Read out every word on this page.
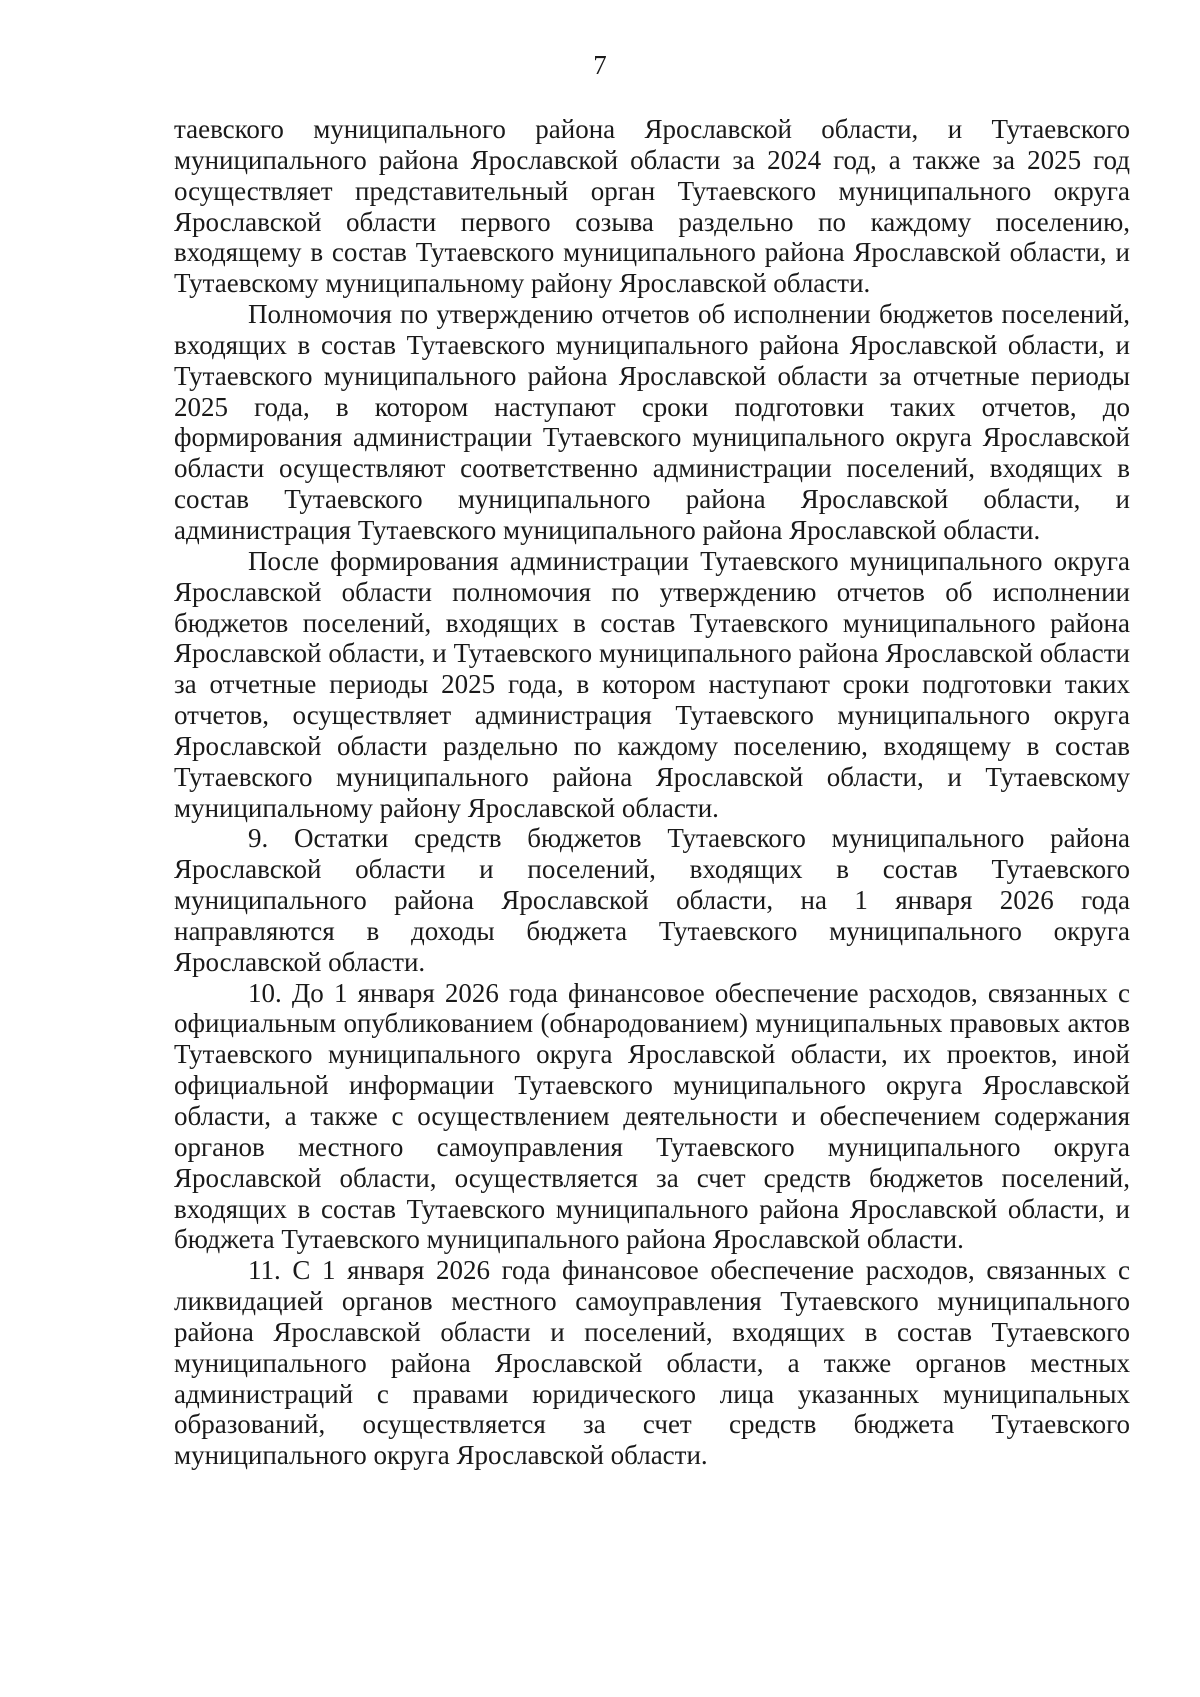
7

таевского муниципального района Ярославской области, и Тутаевского муниципального района Ярославской области за 2024 год, а также за 2025 год осуществляет представительный орган Тутаевского муниципального округа Ярославской области первого созыва раздельно по каждому поселению, входящему в состав Тутаевского муниципального района Ярославской области, и Тутаевскому муниципальному району Ярославской области.

Полномочия по утверждению отчетов об исполнении бюджетов поселений, входящих в состав Тутаевского муниципального района Ярославской области, и Тутаевского муниципального района Ярославской области за отчетные периоды 2025 года, в котором наступают сроки подготовки таких отчетов, до формирования администрации Тутаевского муниципального округа Ярославской области осуществляют соответственно администрации поселений, входящих в состав Тутаевского муниципального района Ярославской области, и администрация Тутаевского муниципального района Ярославской области.

После формирования администрации Тутаевского муниципального округа Ярославской области полномочия по утверждению отчетов об исполнении бюджетов поселений, входящих в состав Тутаевского муниципального района Ярославской области, и Тутаевского муниципального района Ярославской области за отчетные периоды 2025 года, в котором наступают сроки подготовки таких отчетов, осуществляет администрация Тутаевского муниципального округа Ярославской области раздельно по каждому поселению, входящему в состав Тутаевского муниципального района Ярославской области, и Тутаевскому муниципальному району Ярославской области.

9. Остатки средств бюджетов Тутаевского муниципального района Ярославской области и поселений, входящих в состав Тутаевского муниципального района Ярославской области, на 1 января 2026 года направляются в доходы бюджета Тутаевского муниципального округа Ярославской области.

10. До 1 января 2026 года финансовое обеспечение расходов, связанных с официальным опубликованием (обнародованием) муниципальных правовых актов Тутаевского муниципального округа Ярославской области, их проектов, иной официальной информации Тутаевского муниципального округа Ярославской области, а также с осуществлением деятельности и обеспечением содержания органов местного самоуправления Тутаевского муниципального округа Ярославской области, осуществляется за счет средств бюджетов поселений, входящих в состав Тутаевского муниципального района Ярославской области, и бюджета Тутаевского муниципального района Ярославской области.

11. С 1 января 2026 года финансовое обеспечение расходов, связанных с ликвидацией органов местного самоуправления Тутаевского муниципального района Ярославской области и поселений, входящих в состав Тутаевского муниципального района Ярославской области, а также органов местных администраций с правами юридического лица указанных муниципальных образований, осуществляется за счет средств бюджета Тутаевского муниципального округа Ярославской области.
